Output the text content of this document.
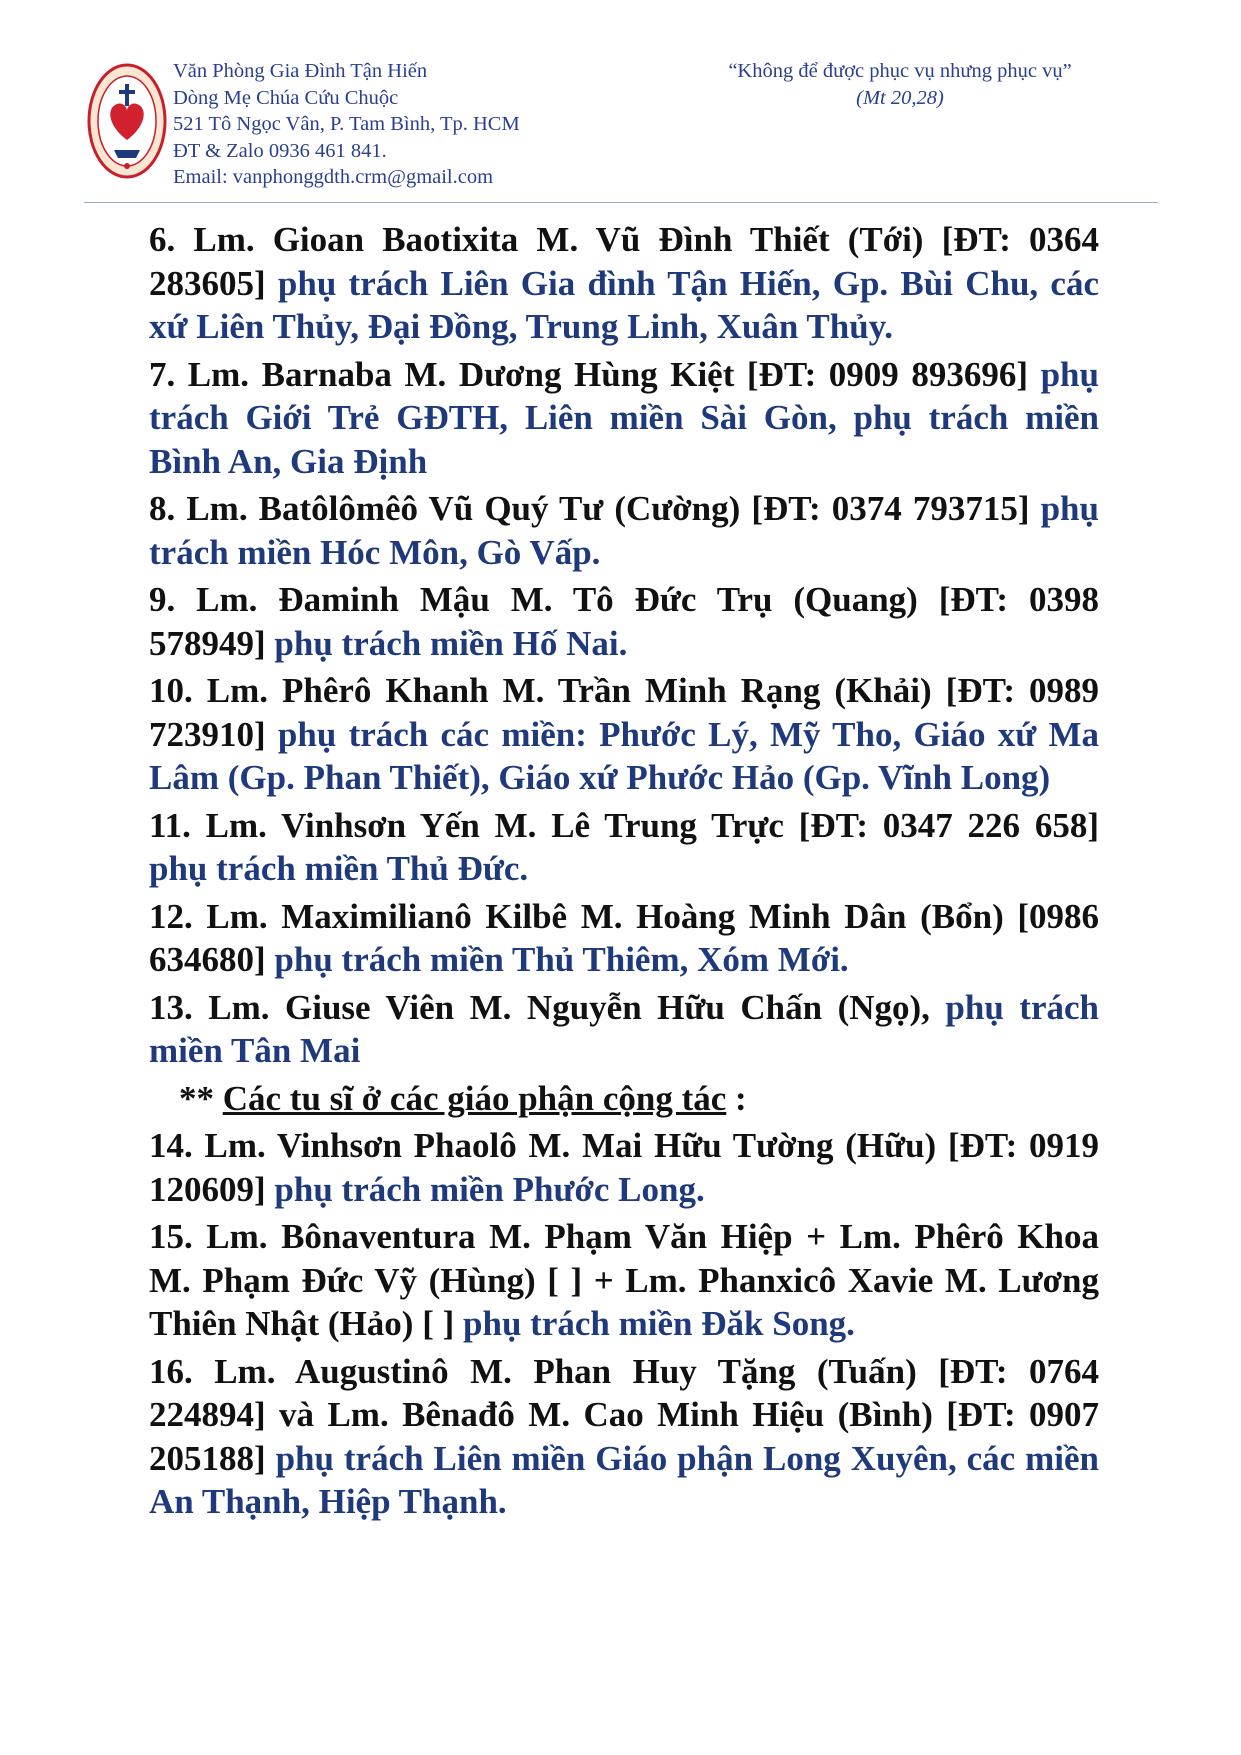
Văn Phòng Gia Đình Tận Hiến
Dòng Mẹ Chúa Cứu Chuộc
521 Tô Ngọc Vân, P. Tam Bình, Tp. HCM
ĐT & Zalo 0936 461 841.
Email: vanphonggdth.crm@gmail.com
“Không để được phục vụ nhưng phục vụ”
(Mt 20,28)

6. Lm. Gioan Baotixita M. Vũ Đình Thiết (Tới) [ĐT: 0364 283605] phụ trách Liên Gia đình Tận Hiến, Gp. Bùi Chu, các xứ Liên Thủy, Đại Đồng, Trung Linh, Xuân Thủy.

7. Lm. Barnaba M. Dương Hùng Kiệt [ĐT: 0909 893696] phụ trách Giới Trẻ GĐTH, Liên miền Sài Gòn, phụ trách miền Bình An, Gia Định

8. Lm. Batôlômêô Vũ Quý Tư (Cường) [ĐT: 0374 793715] phụ trách miền Hóc Môn, Gò Vấp.

9. Lm. Đaminh Mậu M. Tô Đức Trụ (Quang) [ĐT: 0398 578949] phụ trách miền Hố Nai.

10. Lm. Phêrô Khanh M. Trần Minh Rạng (Khải) [ĐT: 0989 723910] phụ trách các miền: Phước Lý, Mỹ Tho, Giáo xứ Ma Lâm (Gp. Phan Thiết), Giáo xứ Phước Hảo (Gp. Vĩnh Long)

11. Lm. Vinhsơn Yến M. Lê Trung Trực [ĐT: 0347 226 658] phụ trách miền Thủ Đức.

12. Lm. Maximilianô Kilbê M. Hoàng Minh Dân (Bổn) [0986 634680] phụ trách miền Thủ Thiêm, Xóm Mới.

13. Lm. Giuse Viên M. Nguyễn Hữu Chấn (Ngọ), phụ trách miền Tân Mai

** Các tu sĩ ở các giáo phận cộng tác :

14. Lm. Vinhsơn Phaolô M. Mai Hữu Tường (Hữu) [ĐT: 0919 120609] phụ trách miền Phước Long.

15. Lm. Bônaventura M. Phạm Văn Hiệp + Lm. Phêrô Khoa M. Phạm Đức Vỹ (Hùng) [ ] + Lm. Phanxicô Xavie M. Lương Thiên Nhật (Hảo) [ ] phụ trách miền Đăk Song.

16. Lm. Augustinô M. Phan Huy Tặng (Tuấn) [ĐT: 0764 224894] và Lm. Bênađô M. Cao Minh Hiệu (Bình) [ĐT: 0907 205188] phụ trách Liên miền Giáo phận Long Xuyên, các miền An Thạnh, Hiệp Thạnh.
